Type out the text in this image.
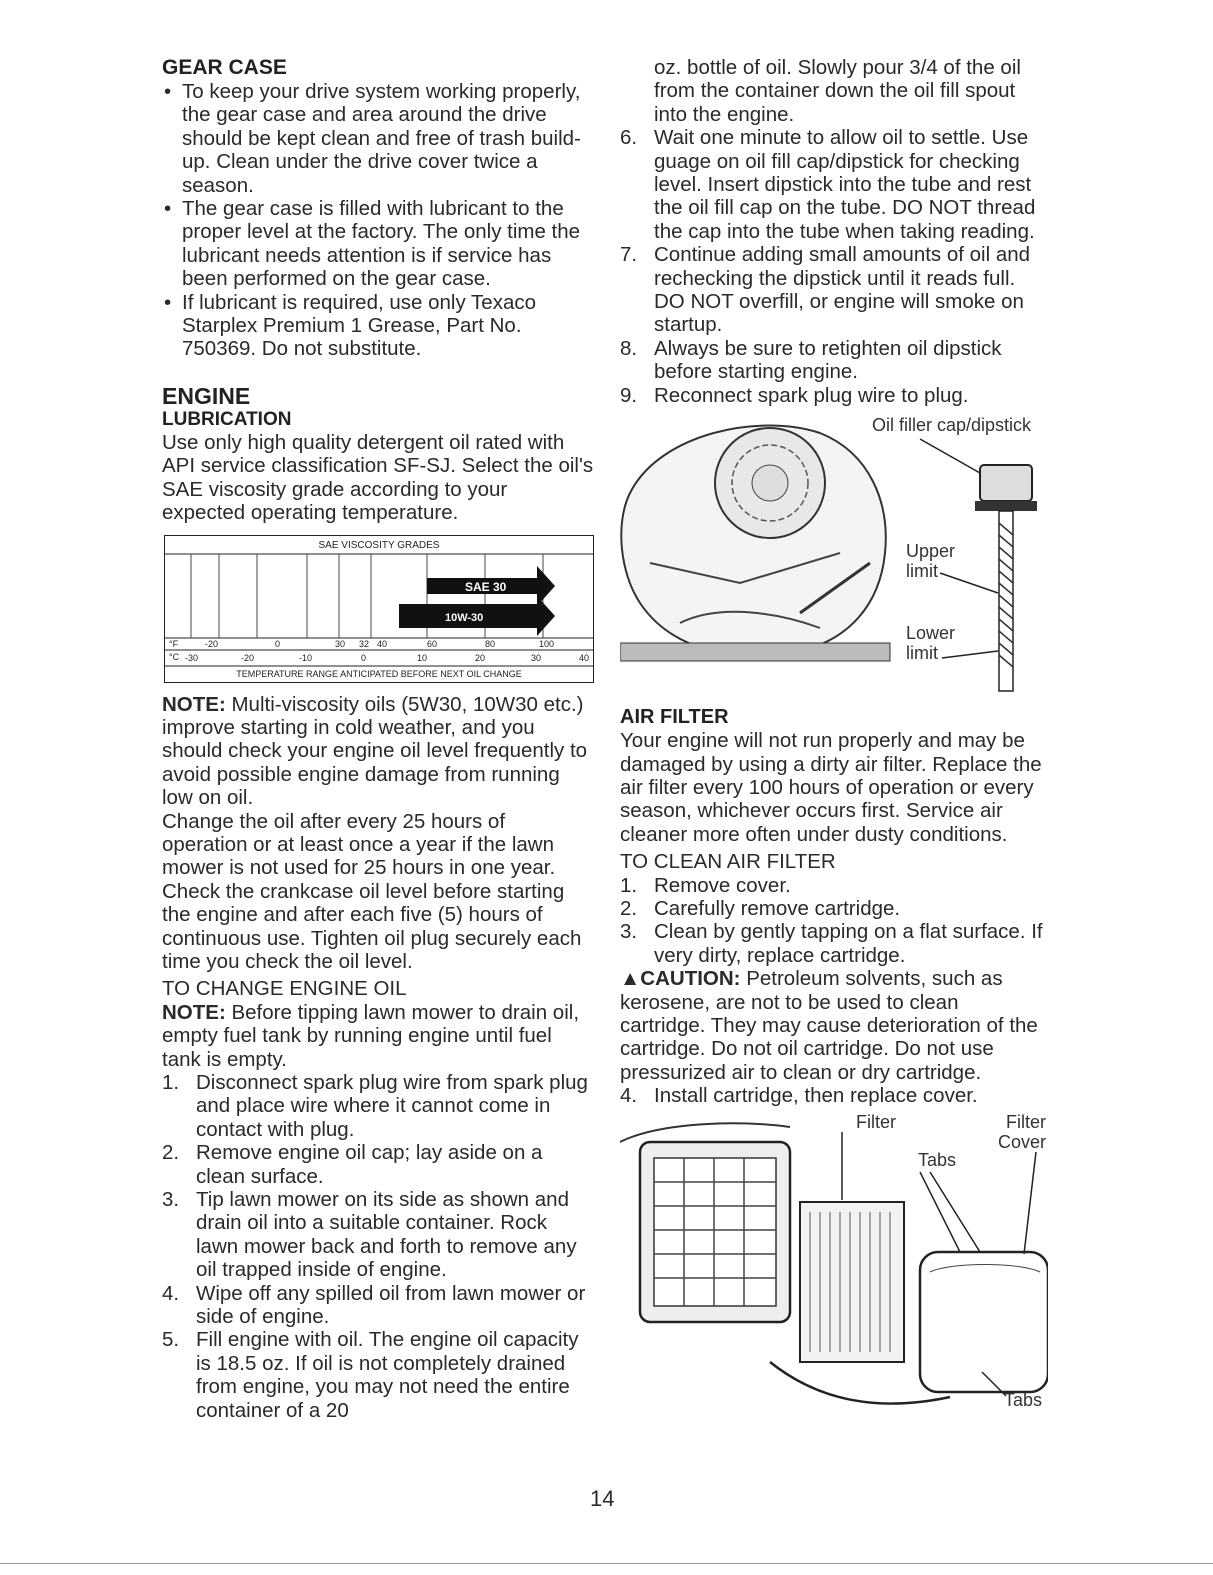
GEAR CASE
• To keep your drive system working properly, the gear case and area around the drive should be kept clean and free of trash build-up. Clean under the drive cover twice a season.
• The gear case is filled with lubricant to the proper level at the factory. The only time the lubricant needs attention is if service has been performed on the gear case.
• If lubricant is required, use only Texaco Starplex Premium 1 Grease, Part No. 750369. Do not substitute.
ENGINE
LUBRICATION

Use only high quality detergent oil rated with API service classification SF-SJ. Select the oil's SAE viscosity grade according to your expected operating temperature.

SAE VISCOSITY GRADES
SAE 30
10W-30
°F	-20	0	30 32 40	60	80	100
°C -30	-20	-10	0	10	20	30	40
TEMPERATURE RANGE ANTICIPATED BEFORE NEXT OIL CHANGE

NOTE: Multi-viscosity oils (5W30, 10W30 etc.) improve starting in cold weather, and you should check your engine oil level frequently to avoid possible engine damage from running low on oil.

Change the oil after every 25 hours of operation or at least once a year if the lawn mower is not used for 25 hours in one year.

Check the crankcase oil level before starting the engine and after each five (5) hours of continuous use. Tighten oil plug securely each time you check the oil level.

TO CHANGE ENGINE OIL

NOTE: Before tipping lawn mower to drain oil, empty fuel tank by running engine until fuel tank is empty.

1. Disconnect spark plug wire from spark plug and place wire where it cannot come in contact with plug.
2. Remove engine oil cap; lay aside on a clean surface.
3. Tip lawn mower on its side as shown and drain oil into a suitable container. Rock lawn mower back and forth to remove any oil trapped inside of engine.
4. Wipe off any spilled oil from lawn mower or side of engine.
5. Fill engine with oil. The engine oil capacity is 18.5 oz. If oil is not completely drained from engine, you may not need the entire container of a 20

oz. bottle of oil. Slowly pour 3/4 of the oil from the container down the oil fill spout into the engine.

6. Wait one minute to allow oil to settle. Use guage on oil fill cap/dipstick for checking level. Insert dipstick into the tube and rest the oil fill cap on the tube. DO NOT thread the cap into the tube when taking reading.
7. Continue adding small amounts of oil and rechecking the dipstick until it reads full. DO NOT overfill, or engine will smoke on startup.
8. Always be sure to retighten oil dipstick before starting engine.
9. Reconnect spark plug wire to plug.
Oil filler cap/dipstick
Upper limit
Lower limit
AIR FILTER

Your engine will not run properly and may be damaged by using a dirty air filter. Replace the air filter every 100 hours of operation or every season, whichever occurs first. Service air cleaner more often under dusty conditions.

TO CLEAN AIR FILTER

1. Remove cover.
2. Carefully remove cartridge.
3. Clean by gently tapping on a flat surface. If very dirty, replace cartridge.

▲CAUTION: Petroleum solvents, such as kerosene, are not to be used to clean cartridge. They may cause deterioration of the cartridge. Do not oil cartridge. Do not use pressurized air to clean or dry cartridge.

4. Install cartridge, then replace cover.
Filter	Filter Cover
Tabs
Tabs
14
